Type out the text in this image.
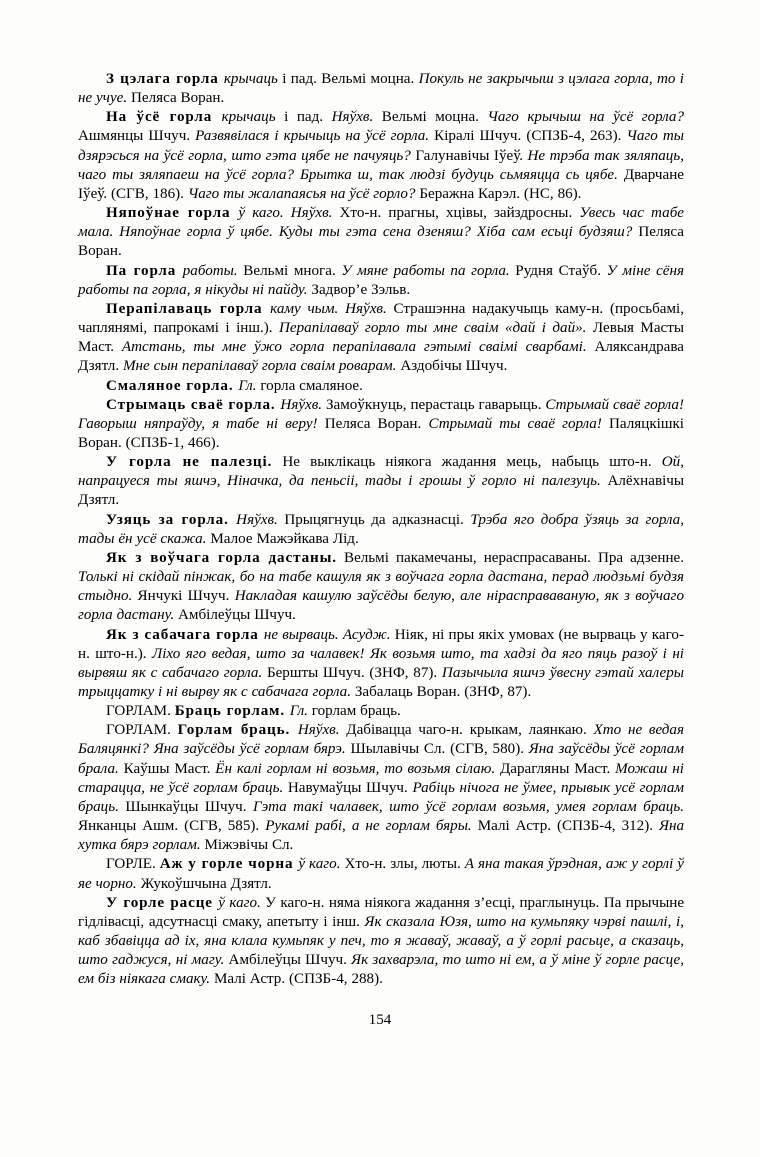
З цэлага горла крычаць і пад. Вельмі моцна. Покуль не закрычыш з цэлага горла, то і не учуе. Пеляса Воран.

На ўсё горла крычаць і пад. Няўхв. Вельмі моцна. Чаго крычыш на ўсё горла? Ашмянцы Шчуч. Развявілася і крычыць на ўсё горла. Кіралі Шчуч. (СПЗБ-4, 263). Чаго ты дзярэсься на ўсё горла, што гэта цябе не пачуяць? Галунавічы Іўеў. Не трэба так зяляпаць, чаго ты зяляпаеш на ўсё горла? Брытка ш, так людзі будуць сьмяяцца сь цябе. Дварчане Іўеў. (СГВ, 186). Чаго ты жалапаясья на ўсё горло? Беражна Карэл. (НС, 86).

Няпоўнае горла ў каго. Няўхв. Хто-н. прагны, хцівы, зайздросны. Увесь час табе мала. Няпоўнае горла ў цябе. Куды ты гэта сена дзеняш? Хіба сам есьці будзяш? Пеляса Воран.

Па горла работы. Вельмі многа. У мяне работы па горла. Рудня Стаўб. У міне сёня работы па горла, я нікуды ні пайду. Задвор’е Зэльв.

Перапілаваць горла каму чым. Няўхв. Страшэнна надакучыць каму-н. (просьбамі, чаплянямі, папрокамі і інш.). Перапілаваў горло ты мне сваім «дай і дай». Левыя Масты Маст. Атстань, ты мне ўжо горла перапілавала гэтымі сваімі сварбамі. Аляксандрава Дзятл. Мне сын перапілаваў горла сваім роварам. Аздобічы Шчуч.

Смаляное горла. Гл. горла смаляное.

Стрымаць сваё горла. Няўхв. Замоўкнуць, перастаць гаварыць. Стрымай сваё горла! Гаворыш няпраўду, я табе ні веру! Пеляса Воран. Стрымай ты сваё горла! Паляцкішкі Воран. (СПЗБ-1, 466).

У горла не палезці. Не выклікаць ніякога жадання мець, набыць што-н. Ой, напрацуеся ты яшчэ, Ніначка, да пеньсіі, тады і грошы ў горло ні палезуць. Алёхнавічы Дзятл.

Узяць за горла. Няўхв. Прыцягнуць да адказнасці. Трэба яго добра ўзяць за горла, тады ён усё скажа. Малое Мажэйкава Лід.

Як з воўчага горла дастаны. Вельмі пакамечаны, нераспрасаваны. Пра адзенне. Толькі ні скідай пінжак, бо на табе кашуля як з воўчага горла дастана, перад людзьмі будзя стыдно. Янчукі Шчуч. Накладая кашулю заўсёды белую, але нірасправаваную, як з воўчаго горла дастану. Амбілеўцы Шчуч.

Як з сабачага горла не вырваць. Асудж. Ніяк, ні пры якіх умовах (не вырваць у каго-н. што-н.). Ліхо яго ведая, што за чалавек! Як возьмя што, та хадзі да яго пяць разоў і ні вырвяш як с сабачаго горла. Бершты Шчуч. (ЗНФ, 87). Пазычыла яшчэ ўвесну гэтай халеры трыццатку і ні вырву як с сабачага горла. Забалаць Воран. (ЗНФ, 87).

ГОРЛАМ. Браць горлам. Гл. горлам браць.

ГОРЛАМ. Горлам браць. Няўхв. Дабівацца чаго-н. крыкам, лаянкаю. Хто не ведая Баляцянкі? Яна заўсёды ўсё горлам бярэ. Шылавічы Сл. (СГВ, 580). Яна заўсёды ўсё горлам брала. Каўшы Маст. Ён калі горлам ні возьмя, то возьмя сілаю. Дарагляны Маст. Можаш ні старацца, не ўсё горлам браць. Навумаўцы Шчуч. Рабіць нічога не ўмее, прывык усё горлам браць. Шынкаўцы Шчуч. Гэта такі чалавек, што ўсё горлам возьмя, умея горлам браць. Янканцы Ашм. (СГВ, 585). Рукамі рабі, а не горлам бяры. Малі Астр. (СПЗБ-4, 312). Яна хутка бярэ горлам. Міжэвічы Сл.

ГОРЛЕ. Аж у горле чорна ў каго. Хто-н. злы, люты. А яна такая ўрэдная, аж у горлі ў яе чорно. Жукоўшчына Дзятл.

У горле расце ў каго. У каго-н. няма ніякога жадання з’есці, праглынуць. Па прычыне гідлівасці, адсутнасці смаку, апетыту і інш. Як сказала Юзя, што на кумьпяку чэрві пашлі, і, каб збавіцца ад іх, яна клала кумьпяк у печ, то я жаваў, жаваў, а ў горлі расьце, а сказаць, што гаджуся, ні магу. Амбілеўцы Шчуч. Як захварэла, то што ні ем, а ў міне ў горле расце, ем біз ніякага смаку. Малі Астр. (СПЗБ-4, 288).

154
